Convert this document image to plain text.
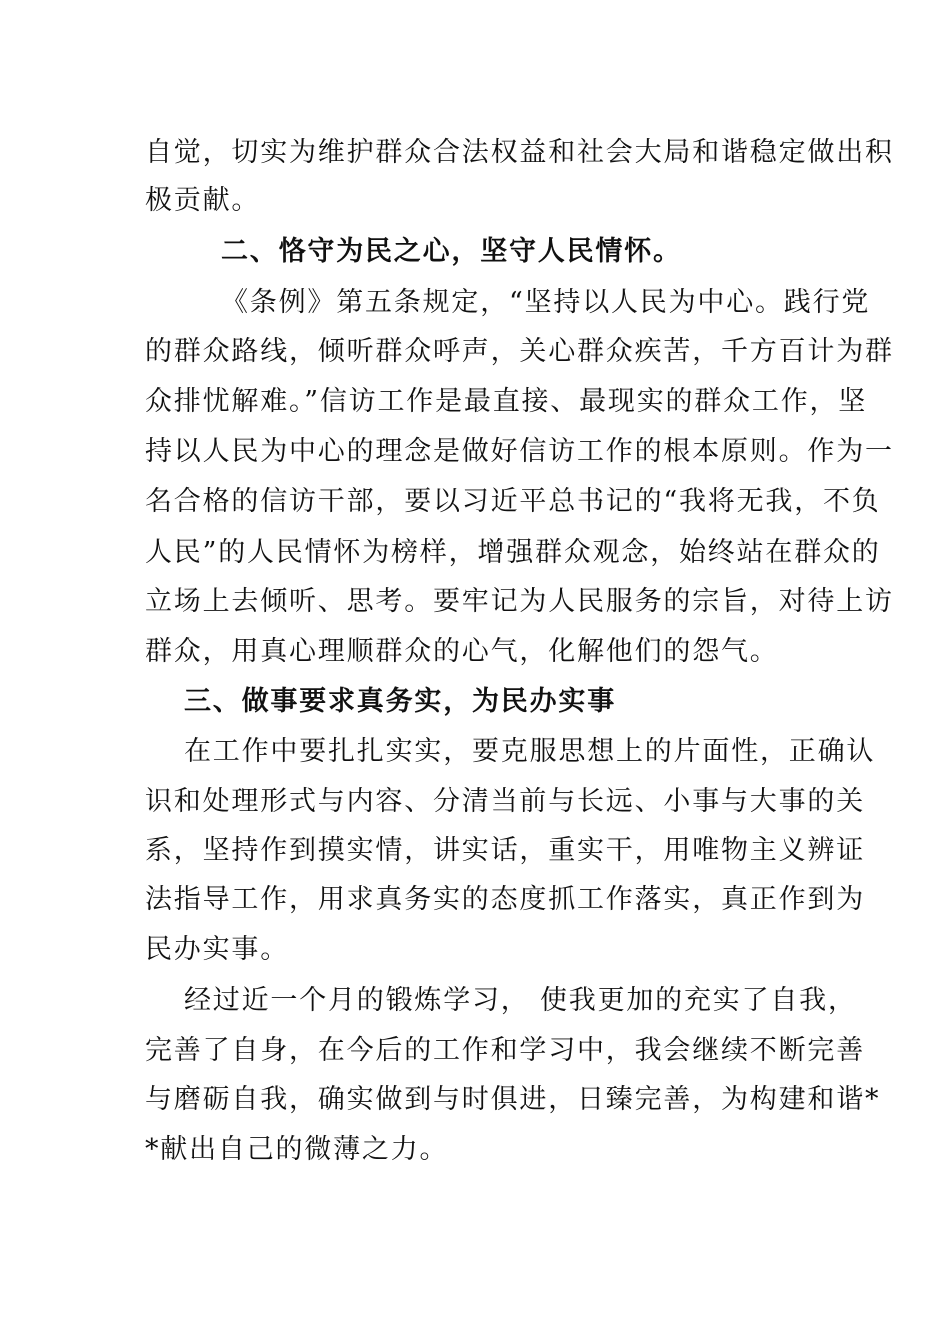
自觉，切实为维护群众合法权益和社会大局和谐稳定做出积
极贡献。
二、恪守为民之心，坚守人民情怀。
《条例》第五条规定，“坚持以人民为中心。践行党
的群众路线，倾听群众呼声，关心群众疾苦，千方百计为群
众排忧解难。”信访工作是最直接、最现实的群众工作，坚
持以人民为中心的理念是做好信访工作的根本原则。作为一
名合格的信访干部，要以习近平总书记的“我将无我，不负
人民”的人民情怀为榜样，增强群众观念，始终站在群众的
立场上去倾听、思考。要牢记为人民服务的宗旨，对待上访
群众，用真心理顺群众的心气，化解他们的怨气。
三、做事要求真务实，为民办实事
在工作中要扎扎实实，要克服思想上的片面性，正确认
识和处理形式与内容、分清当前与长远、小事与大事的关
系，坚持作到摸实情，讲实话，重实干，用唯物主义辨证
法指导工作，用求真务实的态度抓工作落实，真正作到为
民办实事。
经过近一个月的锻炼学习， 使我更加的充实了自我，
完善了自身，在今后的工作和学习中，我会继续不断完善
与磨砺自我，确实做到与时俱进，日臻完善，为构建和谐*
*献出自己的微薄之力。
